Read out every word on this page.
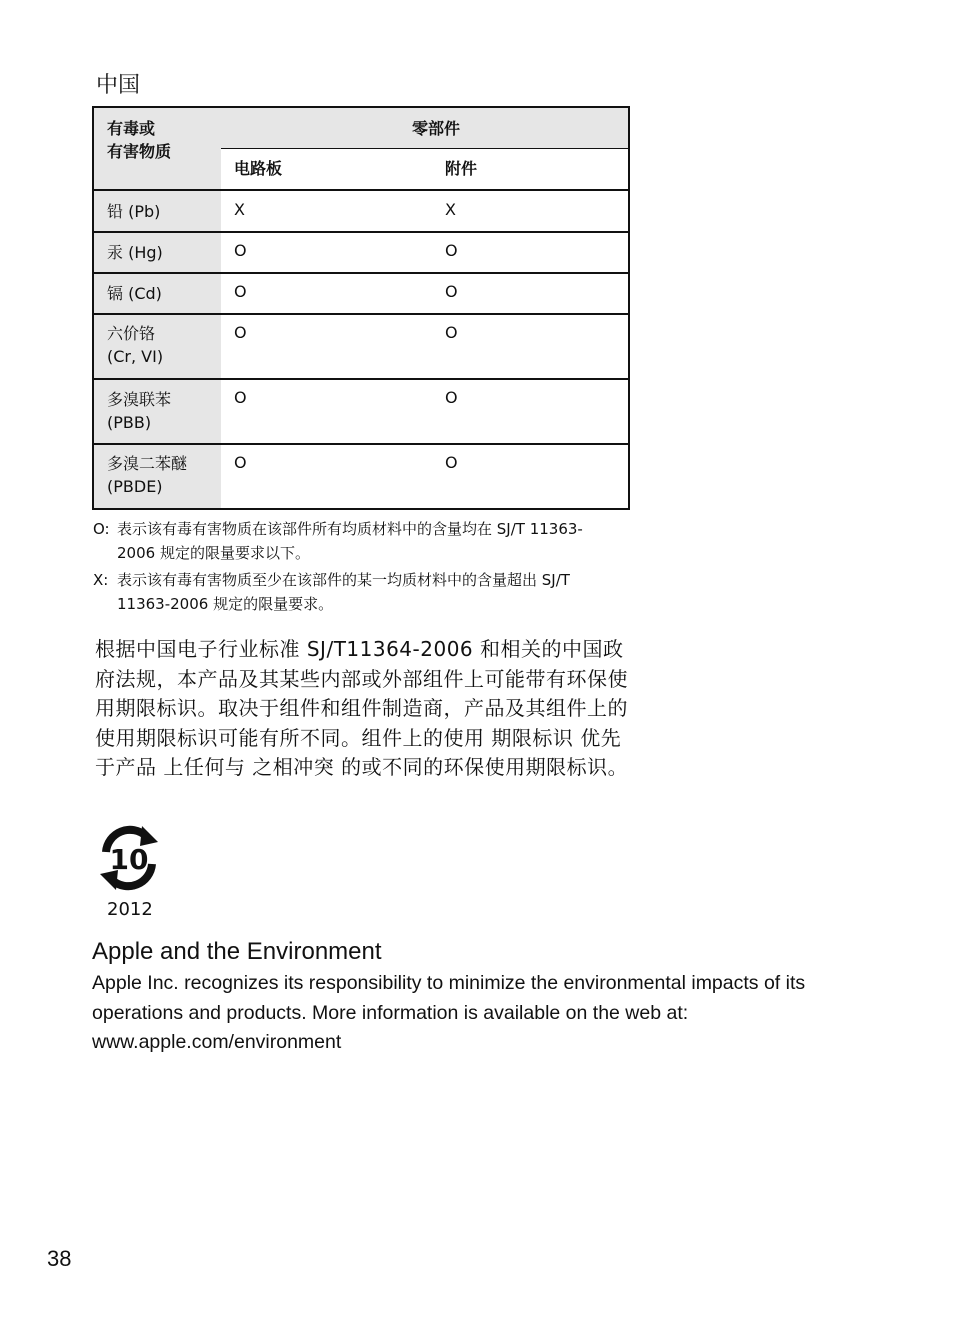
中国
有毒或
有害物质
零部件
电路板	附件
铅 (Pb)	X	X
汞 (Hg)	O	O
镉 (Cd)	O	O
六价铬
(Cr, VI)
O	O
多溴联苯
(PBB)
O	O
多溴二苯醚
(PBDE)
O	O
O: 表示该有毒有害物质在该部件所有均质材料中的含量均在 SJ/T 11363-2006 规定的限量要求以下。
X: 表示该有毒有害物质至少在该部件的某一均质材料中的含量超出 SJ/T 11363-2006 规定的限量要求。
根据中国电子行业标准 SJ/T11364-2006 和相关的中国政府法规，本产品及其某些内部或外部组件上可能带有环保使用期限标识。取决于组件和组件制造商，产品及其组件上的使用期限标识可能有所不同。组件上的使用 期限标识 优先于产品 上任何与 之相冲突 的或不同的环保使用期限标识。
10
2012
Apple and the Environment
Apple Inc. recognizes its responsibility to minimize the environmental impacts of its operations and products. More information is available on the web at: www.apple.com/environment
38
